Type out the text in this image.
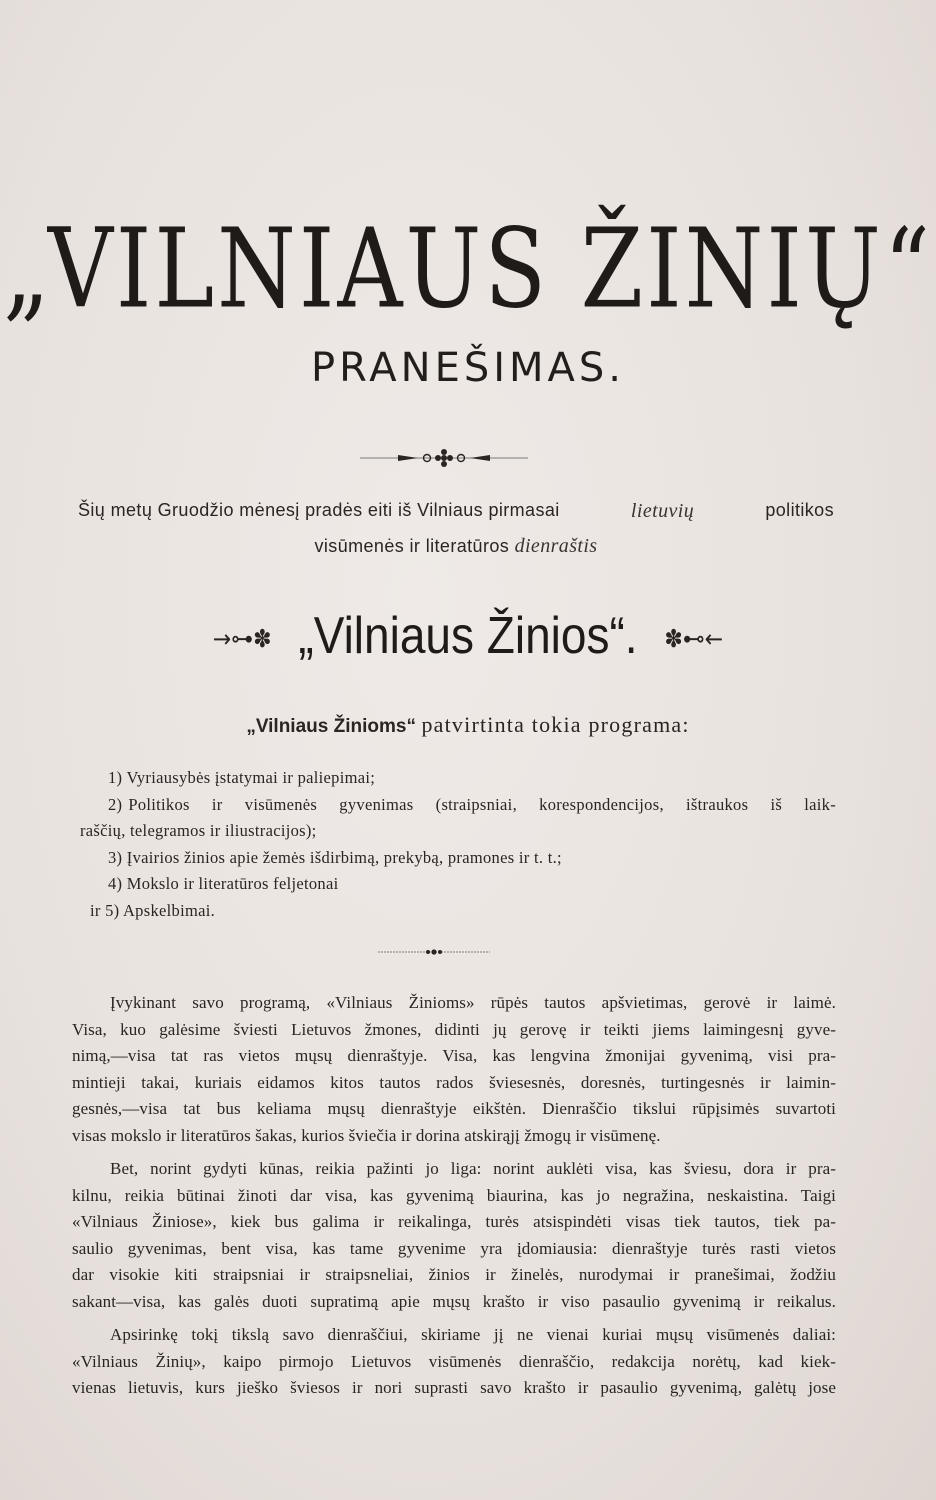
„VILNIAUS ŽINIŲ“
PRANEŠIMAS.
Šių metų Gruodžio mėnesį pradės eiti iš Vilniaus pirmasai	lietuvių	politikos
visūmenės ir literatūros dienraštis
→⊶✽ „Vilniaus Žinios“. ✽⊷←
„Vilniaus Žinioms“ patvirtinta tokia programa:
1) Vyriausybės įstatymai ir paliepimai;
2) Politikos ir visūmenės gyvenimas (straipsniai, korespondencijos, ištraukos iš laik-
raščių, telegramos ir iliustracijos);
3) Įvairios žinios apie žemės išdirbimą, prekybą, pramones ir t. t.;
4) Mokslo ir literatūros feljetonai
ir 5) Apskelbimai.
Įvykinant savo programą, «Vilniaus Žinioms» rūpės tautos apšvietimas, gerovė ir laimė.
Visa, kuo galėsime šviesti Lietuvos žmones, didinti jų gerovę ir teikti jiems laimingesnį gyve-
nimą,—visa tat ras vietos mųsų dienraštyje. Visa, kas lengvina žmonijai gyvenimą, visi pra-
mintieji takai, kuriais eidamos kitos tautos rados šviesesnės, doresnės, turtingesnės ir laimin-
gesnės,—visa tat bus keliama mųsų dienraštyje eikštėn. Dienraščio tikslui rūpįsimės suvartoti
visas mokslo ir literatūros šakas, kurios šviečia ir dorina atskirąjį žmogų ir visūmenę.
Bet, norint gydyti kūnas, reikia pažinti jo liga: norint auklėti visa, kas šviesu, dora ir pra-
kilnu, reikia būtinai žinoti dar visa, kas gyvenimą biaurina, kas jo negražina, neskaistina. Taigi
«Vilniaus Žiniose», kiek bus galima ir reikalinga, turės atsispindėti visas tiek tautos, tiek pa-
saulio gyvenimas, bent visa, kas tame gyvenime yra įdomiausia: dienraštyje turės rasti vietos
dar visokie kiti straipsniai ir straipsneliai, žinios ir žinelės, nurodymai ir pranešimai, žodžiu
sakant—visa, kas galės duoti supratimą apie mųsų krašto ir viso pasaulio gyvenimą ir reikalus.
Apsirinkę tokį tikslą savo dienraščiui, skiriame jį ne vienai kuriai mųsų visūmenės daliai:
«Vilniaus Žinių», kaipo pirmojo Lietuvos visūmenės dienraščio, redakcija norėtų, kad kiek-
vienas lietuvis, kurs jieško šviesos ir nori suprasti savo krašto ir pasaulio gyvenimą, galėtų jose
